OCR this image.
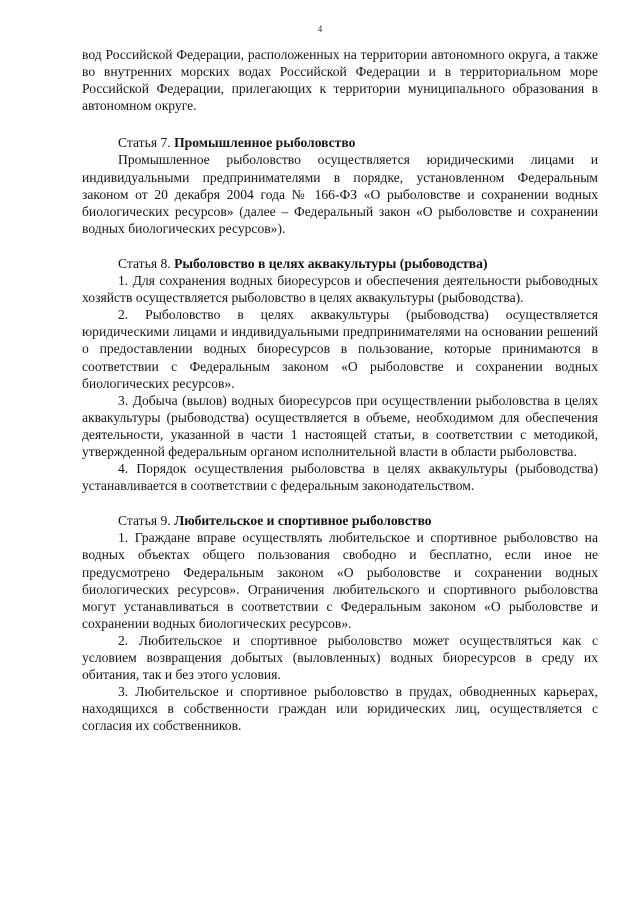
4

вод Российской Федерации, расположенных на территории автономного округа, а также во внутренних морских водах Российской Федерации и в территориальном море Российской Федерации, прилегающих к территории муниципального образования в автономном округе.

Статья 7. Промышленное рыболовство

Промышленное рыболовство осуществляется юридическими лицами и индивидуальными предпринимателями в порядке, установленном Федеральным законом от 20 декабря 2004 года № 166-ФЗ «О рыболовстве и сохранении водных биологических ресурсов» (далее – Федеральный закон «О рыболовстве и сохранении водных биологических ресурсов»).

Статья 8. Рыболовство в целях аквакультуры (рыбоводства)

1. Для сохранения водных биоресурсов и обеспечения деятельности рыбоводных хозяйств осуществляется рыболовство в целях аквакультуры (рыбоводства).

2. Рыболовство в целях аквакультуры (рыбоводства) осуществляется юридическими лицами и индивидуальными предпринимателями на основании решений о предоставлении водных биоресурсов в пользование, которые принимаются в соответствии с Федеральным законом «О рыболовстве и сохранении водных биологических ресурсов».

3. Добыча (вылов) водных биоресурсов при осуществлении рыболовства в целях аквакультуры (рыбоводства) осуществляется в объеме, необходимом для обеспечения деятельности, указанной в части 1 настоящей статьи, в соответствии с методикой, утвержденной федеральным органом исполнительной власти в области рыболовства.

4. Порядок осуществления рыболовства в целях аквакультуры (рыбоводства) устанавливается в соответствии с федеральным законодательством.

Статья 9. Любительское и спортивное рыболовство

1. Граждане вправе осуществлять любительское и спортивное рыболовство на водных объектах общего пользования свободно и бесплатно, если иное не предусмотрено Федеральным законом «О рыболовстве и сохранении водных биологических ресурсов». Ограничения любительского и спортивного рыболовства могут устанавливаться в соответствии с Федеральным законом «О рыболовстве и сохранении водных биологических ресурсов».

2. Любительское и спортивное рыболовство может осуществляться как с условием возвращения добытых (выловленных) водных биоресурсов в среду их обитания, так и без этого условия.

3. Любительское и спортивное рыболовство в прудах, обводненных карьерах, находящихся в собственности граждан или юридических лиц, осуществляется с согласия их собственников.
